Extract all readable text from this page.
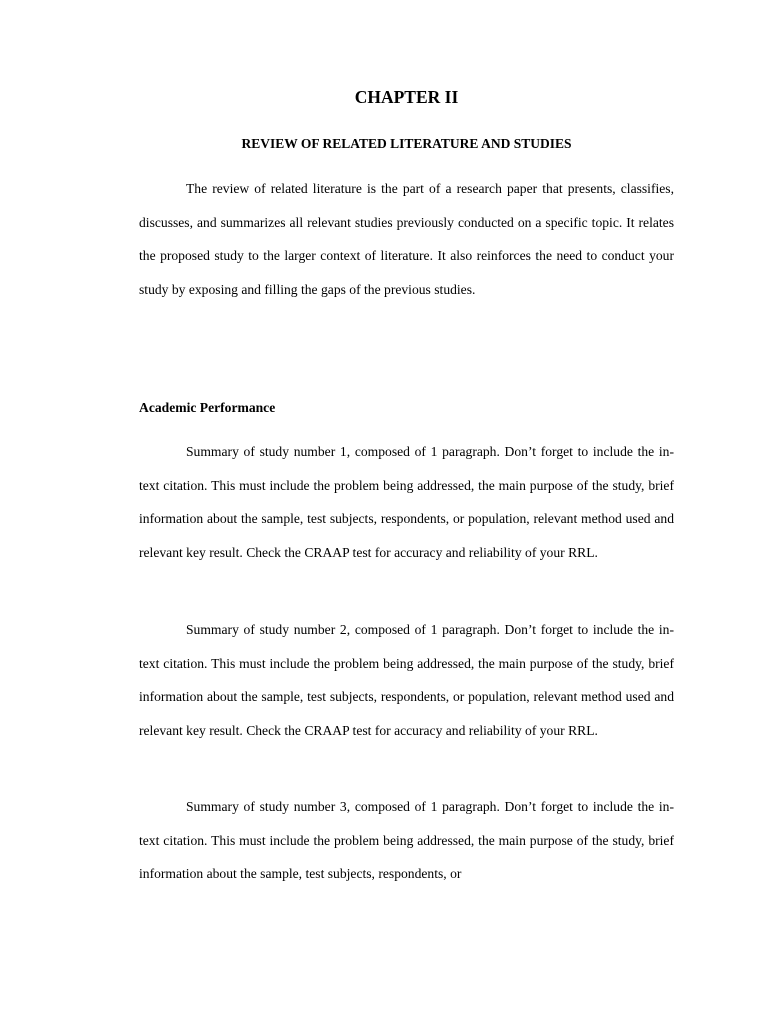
CHAPTER II
REVIEW OF RELATED LITERATURE AND STUDIES

The review of related literature is the part of a research paper that presents, classifies, discusses, and summarizes all relevant studies previously conducted on a specific topic. It relates the proposed study to the larger context of literature. It also reinforces the need to conduct your study by exposing and filling the gaps of the previous studies.

Academic Performance

Summary of study number 1, composed of 1 paragraph. Don’t forget to include the in-text citation. This must include the problem being addressed, the main purpose of the study, brief information about the sample, test subjects, respondents, or population, relevant method used and relevant key result. Check the CRAAP test for accuracy and reliability of your RRL.

Summary of study number 2, composed of 1 paragraph. Don’t forget to include the in-text citation. This must include the problem being addressed, the main purpose of the study, brief information about the sample, test subjects, respondents, or population, relevant method used and relevant key result. Check the CRAAP test for accuracy and reliability of your RRL.

Summary of study number 3, composed of 1 paragraph. Don’t forget to include the in-text citation. This must include the problem being addressed, the main purpose of the study, brief information about the sample, test subjects, respondents, or
